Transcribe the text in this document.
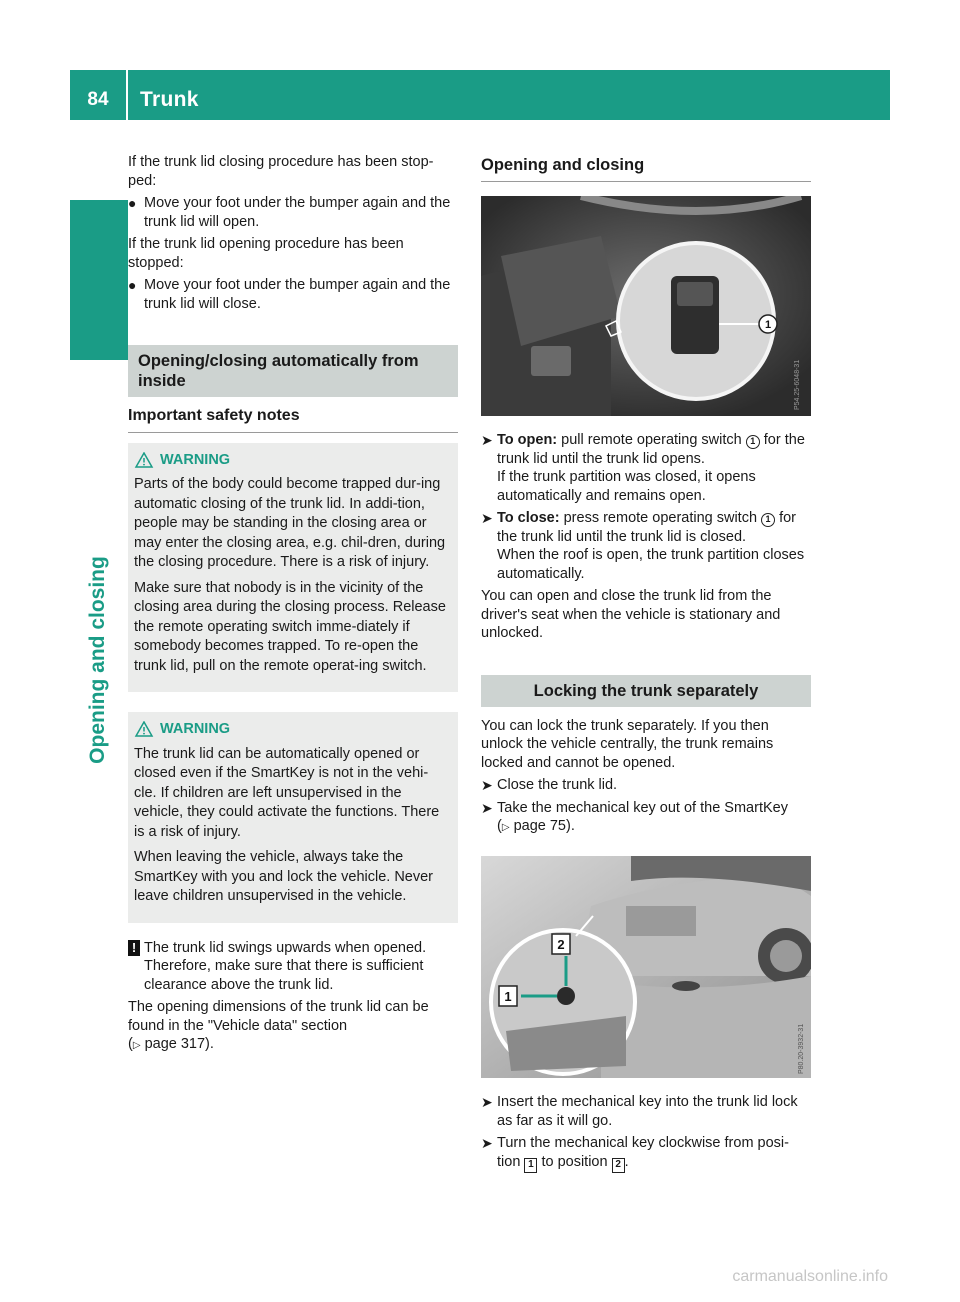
84	Trunk
Opening and closing

If the trunk lid closing procedure has been stop-ped:

● Move your foot under the bumper again and the trunk lid will open.

If the trunk lid opening procedure has been stopped:

● Move your foot under the bumper again and the trunk lid will close.
Opening/closing automatically from inside
Important safety notes
WARNING

Parts of the body could become trapped dur-ing automatic closing of the trunk lid. In addi-tion, people may be standing in the closing area or may enter the closing area, e.g. chil-dren, during the closing procedure. There is a risk of injury.

Make sure that nobody is in the vicinity of the closing area during the closing process. Release the remote operating switch imme-diately if somebody becomes trapped. To re-open the trunk lid, pull on the remote operat-ing switch.

WARNING

The trunk lid can be automatically opened or closed even if the SmartKey is not in the vehi-cle. If children are left unsupervised in the vehicle, they could activate the functions. There is a risk of injury.

When leaving the vehicle, always take the SmartKey with you and lock the vehicle. Never leave children unsupervised in the vehicle.

! The trunk lid swings upwards when opened. Therefore, make sure that there is sufficient clearance above the trunk lid.

The opening dimensions of the trunk lid can be found in the "Vehicle data" section
(▷ page 317).

Opening and closing
1
P54.25-6048-31
➤ To open: pull remote operating switch 1 for the trunk lid until the trunk lid opens.
If the trunk partition was closed, it opens automatically and remains open.
➤ To close: press remote operating switch 1 for the trunk lid until the trunk lid is closed.
When the roof is open, the trunk partition closes automatically.

You can open and close the trunk lid from the driver's seat when the vehicle is stationary and unlocked.

Locking the trunk separately

You can lock the trunk separately. If you then unlock the vehicle centrally, the trunk remains locked and cannot be opened.

➤ Close the trunk lid.
➤ Take the mechanical key out of the SmartKey
(▷ page 75).
2
1
P80.20-3932-31
➤ Insert the mechanical key into the trunk lid lock as far as it will go.
➤ Turn the mechanical key clockwise from posi-tion 1 to position 2 .
carmanualsonline.info
